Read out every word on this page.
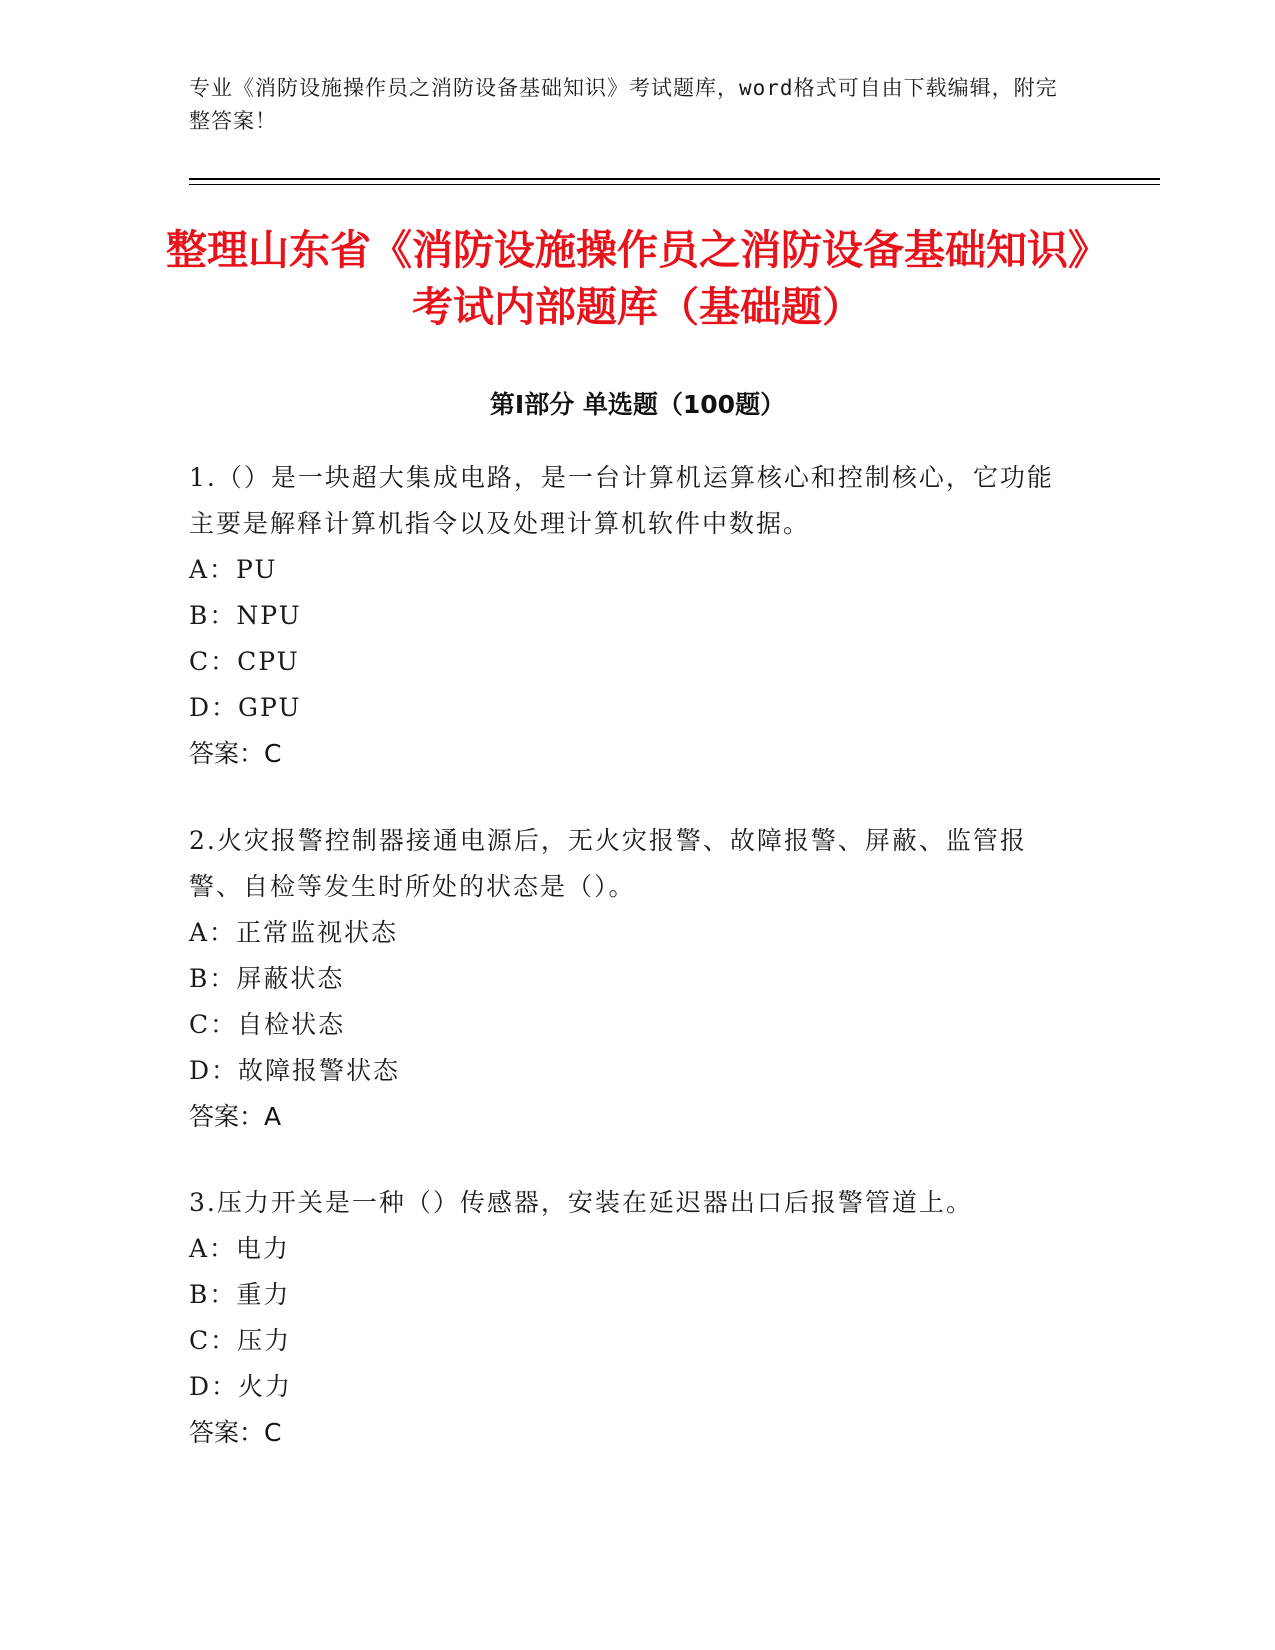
专业《消防设施操作员之消防设备基础知识》考试题库，word格式可自由下载编辑，附完整答案！

整理山东省《消防设施操作员之消防设备基础知识》考试内部题库（基础题）
第Ⅰ部分 单选题（100题）

1.（）是一块超大集成电路，是一台计算机运算核心和控制核心，它功能主要是解释计算机指令以及处理计算机软件中数据。

A：PU

B：NPU

C：CPU

D：GPU

答案：C

2.火灾报警控制器接通电源后，无火灾报警、故障报警、屏蔽、监管报警、自检等发生时所处的状态是（）。

A：正常监视状态

B：屏蔽状态

C：自检状态

D：故障报警状态

答案：A

3.压力开关是一种（）传感器，安装在延迟器出口后报警管道上。

A：电力

B：重力

C：压力

D：火力

答案：C
